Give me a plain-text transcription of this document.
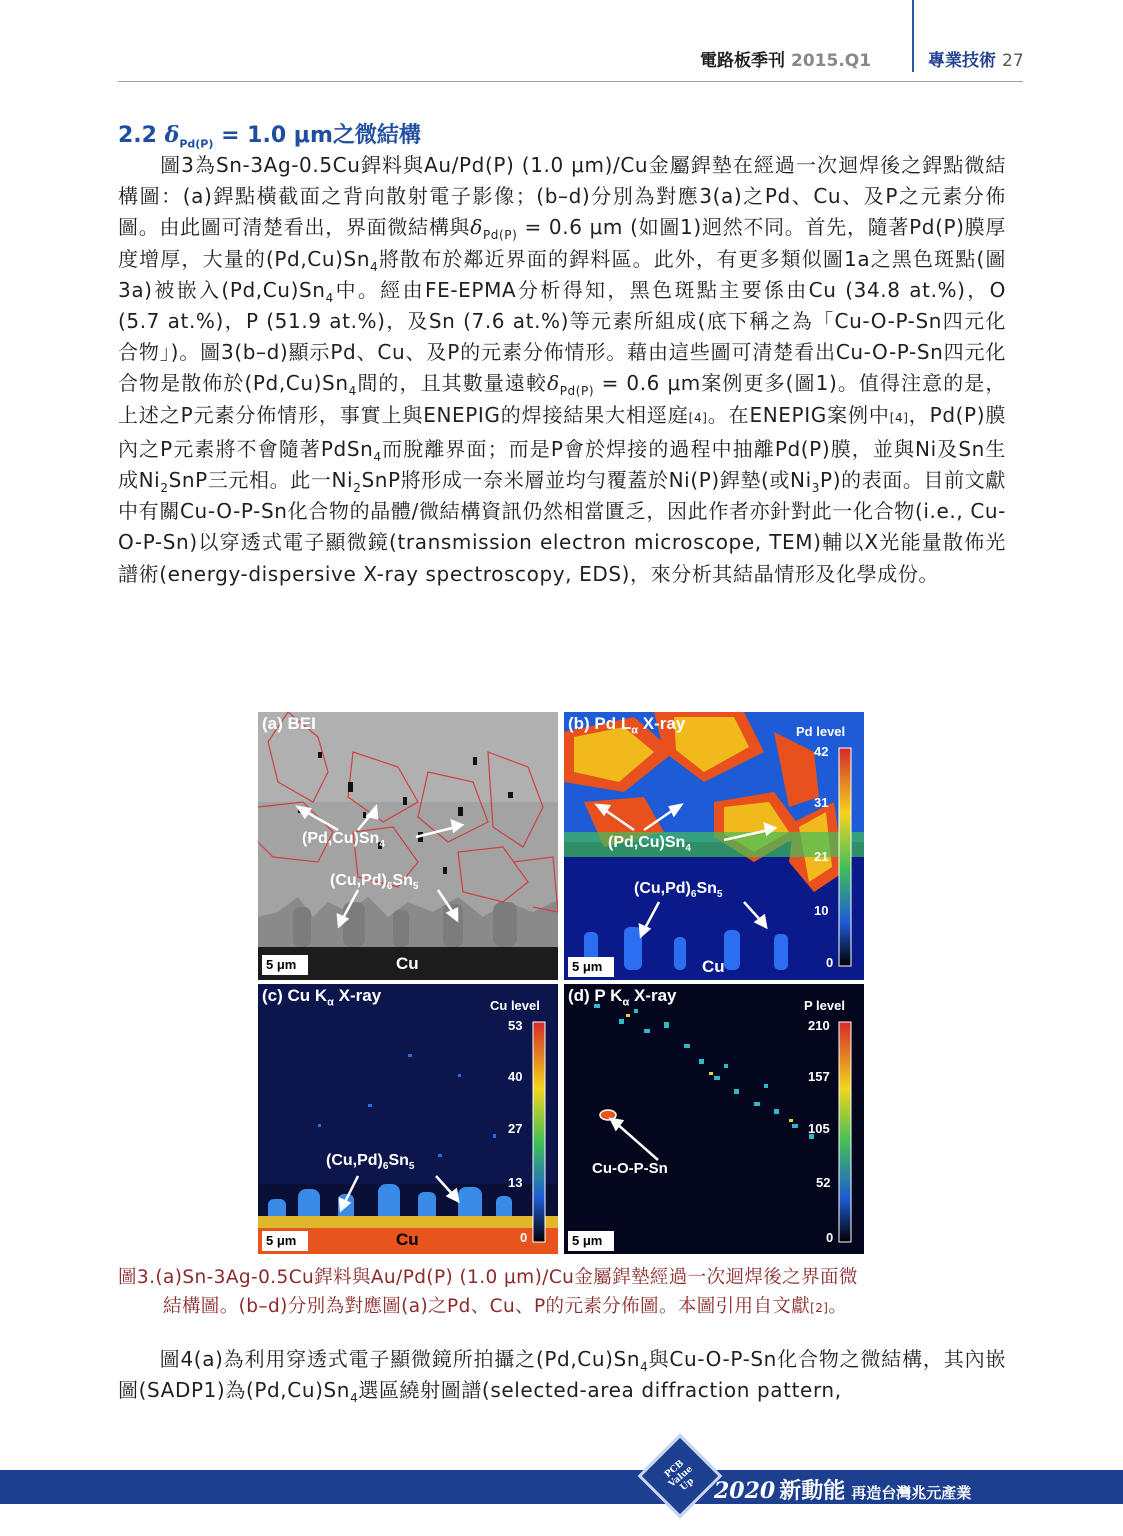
電路板季刊 2015.Q1	專業技術 27
2.2 $\delta_{Pd(P)} = 1.0$ μm之微結構
　　圖3為Sn-3Ag-0.5Cu銲料與Au/Pd(P) (1.0 μm)/Cu金屬銲墊在經過一次迴焊後之銲點微結構圖：(a)銲點橫截面之背向散射電子影像；(b–d)分別為對應3(a)之Pd、Cu、及P之元素分佈圖。由此圖可清楚看出，界面微結構與$\delta_{Pd(P)} = 0.6$ μm (如圖1)迥然不同。首先，隨著Pd(P)膜厚度增厚，大量的$(Pd,Cu)Sn_4$將散布於鄰近界面的銲料區。此外，有更多類似圖1a之黑色斑點(圖3a)被嵌入$(Pd,Cu)Sn_4$中。經由FE-EPMA分析得知，黑色斑點主要係由Cu (34.8 at.%)，O (5.7 at.%)，P (51.9 at.%)，及Sn (7.6 at.%)等元素所組成(底下稱之為「Cu-O-P-Sn四元化合物」)。圖3(b–d)顯示Pd、Cu、及P的元素分佈情形。藉由這些圖可清楚看出Cu-O-P-Sn四元化合物是散佈於$(Pd,Cu)Sn_4$間的，且其數量遠較$\delta_{Pd(P)} = 0.6$ μm案例更多(圖1)。值得注意的是，上述之P元素分佈情形，事實上與ENEPIG的焊接結果大相逕庭[4]。在ENEPIG案例中[4]，Pd(P)膜內之P元素將不會隨著PdSn$_4$而脫離界面；而是P會於焊接的過程中抽離Pd(P)膜，並與Ni及Sn生成$Ni_2SnP$三元相。此一$Ni_2SnP$將形成一奈米層並均勻覆蓋於Ni(P)銲墊(或$Ni_3P$)的表面。目前文獻中有關Cu-O-P-Sn化合物的晶體/微結構資訊仍然相當匱乏，因此作者亦針對此一化合物(i.e., Cu-O-P-Sn)以穿透式電子顯微鏡(transmission electron microscope, TEM)輔以X光能量散佈光譜術(energy-dispersive X-ray spectroscopy, EDS)，來分析其結晶情形及化學成份。
(a) BEI
$(Pd,Cu)Sn_4$
$(Cu,Pd)_6Sn_5$
5 μm	Cu
(b) Pd $L_\alpha$ X-ray	Pd level
42
31
21
10
0
$(Pd,Cu)Sn_4$
$(Cu,Pd)_6Sn_5$
5 μm	Cu
(c) Cu $K_\alpha$ X-ray
Cu level
53
40
27
13
0
$(Cu,Pd)_6Sn_5$
5 μm	Cu
(d) P $K_\alpha$ X-ray
P level
210
157
105
52
0
Cu-O-P-Sn
5 μm
圖3.(a)Sn-3Ag-0.5Cu銲料與Au/Pd(P) (1.0 μm)/Cu金屬銲墊經過一次迴焊後之界面微
結構圖。(b–d)分別為對應圖(a)之Pd、Cu、P的元素分佈圖。本圖引用自文獻[2]。
　　圖4(a)為利用穿透式電子顯微鏡所拍攝之$(Pd,Cu)Sn_4$與Cu-O-P-Sn化合物之微結構，其內嵌圖(SADP1)為$(Pd,Cu)Sn_4$選區繞射圖譜(selected-area diffraction pattern,
PCB Value Up 2020 新動能 再造台灣兆元產業
